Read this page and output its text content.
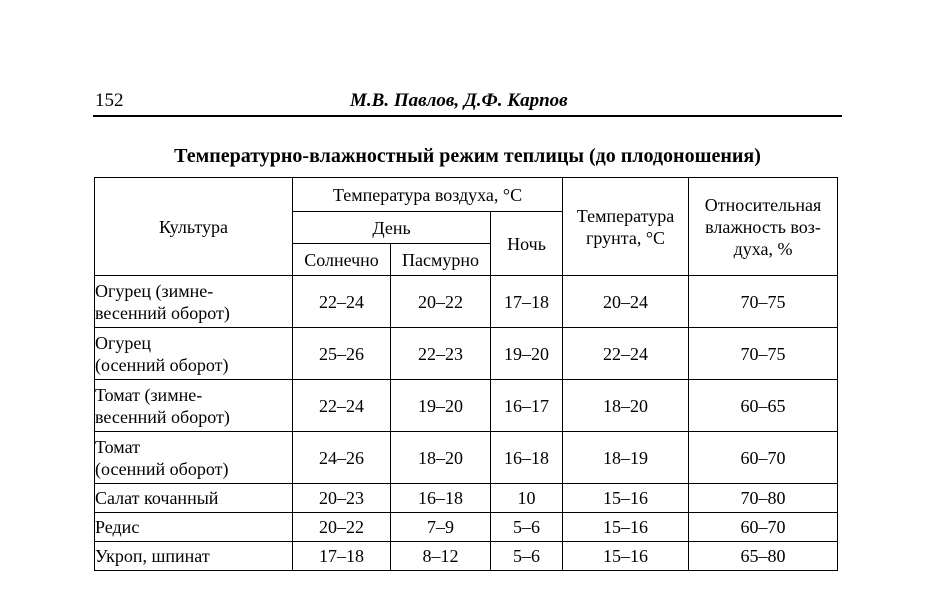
152	М.В. Павлов, Д.Ф. Карпов
Температурно-влажностный режим теплицы (до плодоношения)
Культура	Температура воздуха, °C			Температура грунта, °C	Относительная влажность воз-духа, %
	День		Ночь		
	Солнечно	Пасмурно			
Огурец (зимне-
весенний оборот)	22–24	20–22	17–18	20–24	70–75
Огурец
(осенний оборот)	25–26	22–23	19–20	22–24	70–75
Томат (зимне-
весенний оборот)	22–24	19–20	16–17	18–20	60–65
Томат
(осенний оборот)	24–26	18–20	16–18	18–19	60–70
Салат кочанный	20–23	16–18	10	15–16	70–80
Редис	20–22	7–9	5–6	15–16	60–70
Укроп, шпинат	17–18	8–12	5–6	15–16	65–80
